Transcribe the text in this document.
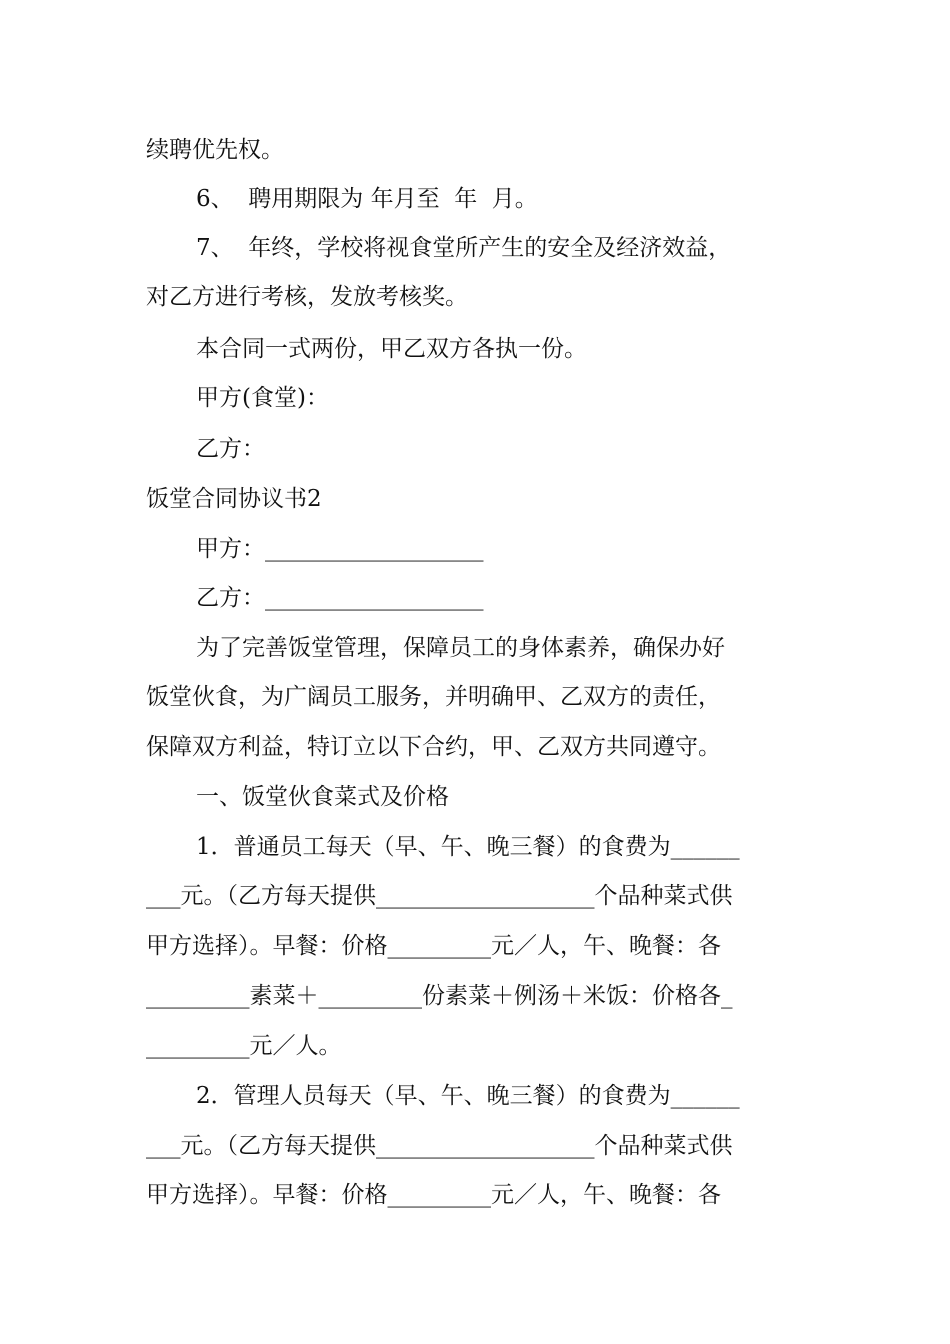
续聘优先权。
6、  聘用期限为 年月至  年  月。
7、  年终，学校将视食堂所产生的安全及经济效益，
对乙方进行考核，发放考核奖。
本合同一式两份，甲乙双方各执一份。
甲方(食堂)：
乙方：
饭堂合同协议书2
甲方：___________________
乙方：___________________
为了完善饭堂管理，保障员工的身体素养，确保办好
饭堂伙食，为广阔员工服务，并明确甲、乙双方的责任，
保障双方利益，特订立以下合约，甲、乙双方共同遵守。
一、饭堂伙食菜式及价格
1．普通员工每天（早、午、晚三餐）的食费为______
___元。（乙方每天提供___________________个品种菜式供
甲方选择）。早餐：价格_________元／人，午、晚餐：各
_________素菜＋_________份素菜＋例汤＋米饭：价格各_
_________元／人。
2．管理人员每天（早、午、晚三餐）的食费为______
___元。（乙方每天提供___________________个品种菜式供
甲方选择）。早餐：价格_________元／人，午、晚餐：各
